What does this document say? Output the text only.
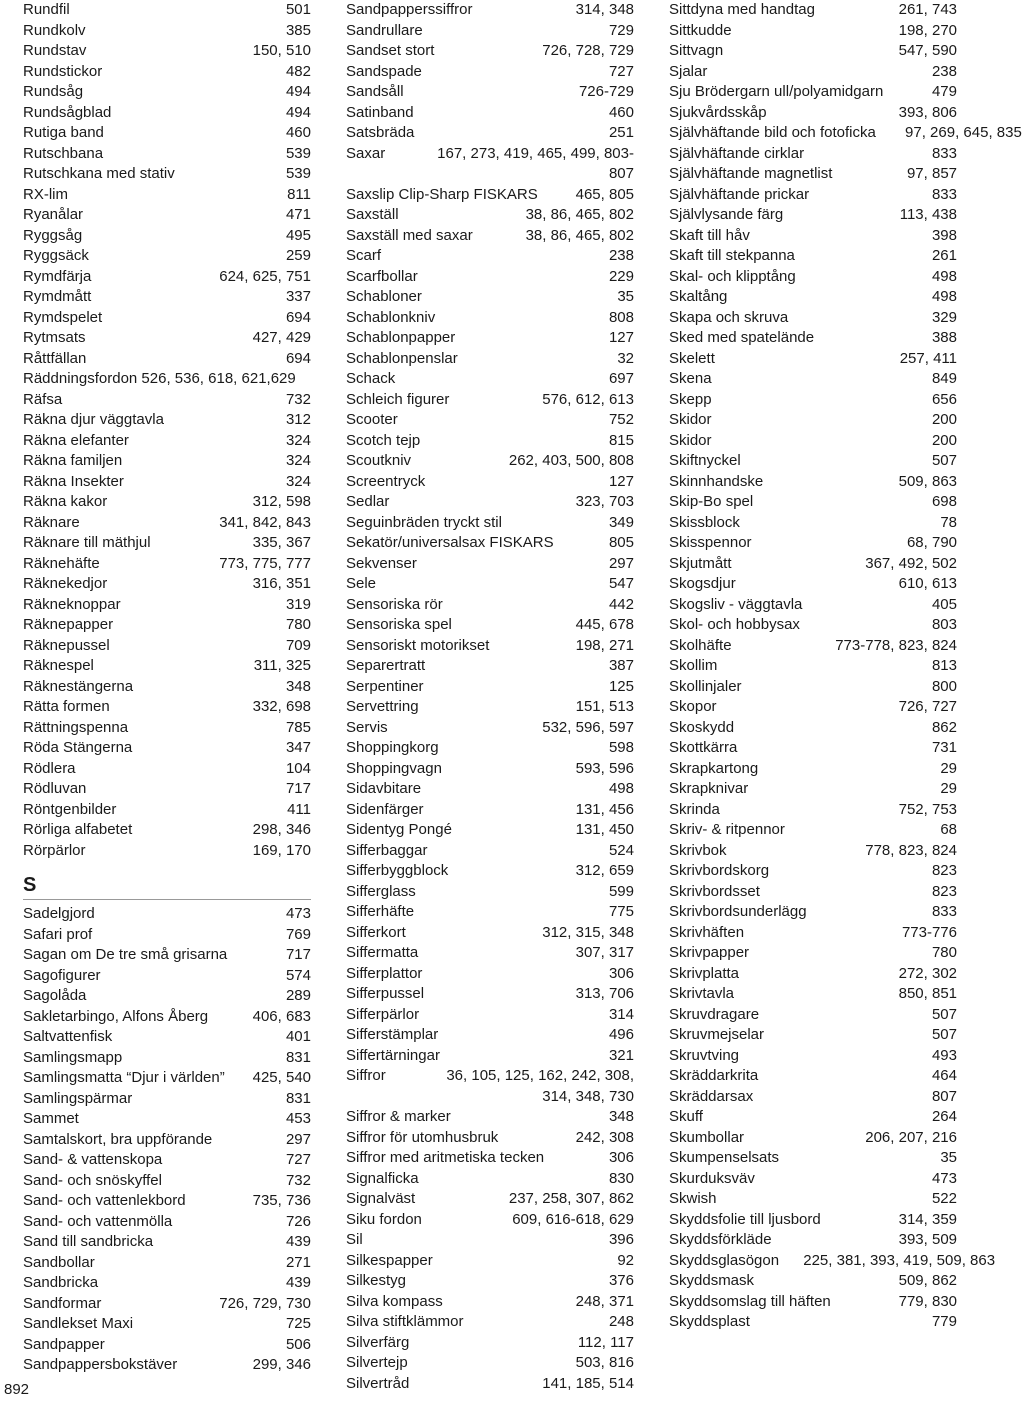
Rundfil	501
Rundkolv	385
Rundstav	150, 510
Rundstickor	482
Rundsåg	494
Rundsågblad	494
Rutiga band	460
Rutschbana	539
Rutschkana med stativ	539
RX-lim	811
Ryanålar	471
Ryggsåg	495
Ryggsäck	259
Rymdfärja	624, 625, 751
Rymdmått	337
Rymdspelet	694
Rytmsats	427, 429
Råttfällan	694
Räddningsfordon 526, 536, 618, 621,629
Räfsa	732
Räkna djur väggtavla	312
Räkna elefanter	324
Räkna familjen	324
Räkna Insekter	324
Räkna kakor	312, 598
Räknare	341, 842, 843
Räknare till mäthjul	335, 367
Räknehäfte	773, 775, 777
Räknekedjor	316, 351
Räkneknoppar	319
Räknepapper	780
Räknepussel	709
Räknespel	311, 325
Räknestängerna	348
Rätta formen	332, 698
Rättningspenna	785
Röda Stängerna	347
Rödlera	104
Rödluvan	717
Röntgenbilder	411
Rörliga alfabetet	298, 346
Rörpärlor	169, 170
S
Sadelgjord	473
Safari prof	769
Sagan om De tre små grisarna	717
Sagofigurer	574
Sagolåda	289
Sakletarbingo, Alfons Åberg	406, 683
Saltvattenfisk	401
Samlingsmapp	831
Samlingsmatta “Djur i världen”	425, 540
Samlingspärmar	831
Sammet	453
Samtalskort, bra uppförande	297
Sand- & vattenskopa	727
Sand- och snöskyffel	732
Sand- och vattenlekbord	735, 736
Sand- och vattenmölla	726
Sand till sandbricka	439
Sandbollar	271
Sandbricka	439
Sandformar	726, 729, 730
Sandlekset Maxi	725
Sandpapper	506
Sandpappersbokstäver	299, 346
Sandpapperssiffror	314, 348
Sandrullare	729
Sandset stort	726, 728, 729
Sandspade	727
Sandsåll	726-729
Satinband	460
Satsbräda	251
Saxar	167, 273, 419, 465, 499, 803-807
Saxslip Clip-Sharp FISKARS	465, 805
Saxställ	38, 86, 465, 802
Saxställ med saxar	38, 86, 465, 802
Scarf	238
Scarfbollar	229
Schabloner	35
Schablonkniv	808
Schablonpapper	127
Schablonpenslar	32
Schack	697
Schleich figurer	576, 612, 613
Scooter	752
Scotch tejp	815
Scoutkniv	262, 403, 500, 808
Screentryck	127
Sedlar	323, 703
Seguinbräden tryckt stil	349
Sekatör/universalsax FISKARS	805
Sekvenser	297
Sele	547
Sensoriska rör	442
Sensoriska spel	445, 678
Sensoriskt motorikset	198, 271
Separertratt	387
Serpentiner	125
Servettring	151, 513
Servis	532, 596, 597
Shoppingkorg	598
Shoppingvagn	593, 596
Sidavbitare	498
Sidenfärger	131, 456
Sidentyg Pongé	131, 450
Sifferbaggar	524
Sifferbyggblock	312, 659
Sifferglass	599
Sifferhäfte	775
Sifferkort	312, 315, 348
Siffermatta	307, 317
Sifferplattor	306
Sifferpussel	313, 706
Sifferpärlor	314
Sifferstämplar	496
Siffertärningar	321
Siffror	36, 105, 125, 162, 242, 308, 314, 348, 730
Siffror & marker	348
Siffror för utomhusbruk	242, 308
Siffror med aritmetiska tecken	306
Signalficka	830
Signalväst	237, 258, 307, 862
Siku fordon	609, 616-618, 629
Sil	396
Silkespapper	92
Silkestyg	376
Silva kompass	248, 371
Silva stiftklämmor	248
Silverfärg	112, 117
Silvertejp	503, 816
Silvertråd	141, 185, 514
Sittdyna med handtag	261, 743
Sittkudde	198, 270
Sittvagn	547, 590
Sjalar	238
Sju Brödergarn ull/polyamidgarn	479
Sjukvårdsskåp	393, 806
Självhäftande bild och fotoficka	97, 269, 645, 835
Självhäftande cirklar	833
Självhäftande magnetlist	97, 857
Självhäftande prickar	833
Självlysande färg	113, 438
Skaft till håv	398
Skaft till stekpanna	261
Skal- och klipptång	498
Skaltång	498
Skapa och skruva	329
Sked med spatelände	388
Skelett	257, 411
Skena	849
Skepp	656
Skidor	200
Skidor	200
Skiftnyckel	507
Skinnhandske	509, 863
Skip-Bo spel	698
Skissblock	78
Skisspennor	68, 790
Skjutmått	367, 492, 502
Skogsdjur	610, 613
Skogsliv - väggtavla	405
Skol- och hobbysax	803
Skolhäfte	773-778, 823, 824
Skollim	813
Skollinjaler	800
Skopor	726, 727
Skoskydd	862
Skottkärra	731
Skrapkartong	29
Skrapknivar	29
Skrinda	752, 753
Skriv- & ritpennor	68
Skrivbok	778, 823, 824
Skrivbordskorg	823
Skrivbordsset	823
Skrivbordsunderlägg	833
Skrivhäften	773-776
Skrivpapper	780
Skrivplatta	272, 302
Skrivtavla	850, 851
Skruvdragare	507
Skruvmejselar	507
Skruvtving	493
Skräddarkrita	464
Skräddarsax	807
Skuff	264
Skumbollar	206, 207, 216
Skumpenselsats	35
Skurduksväv	473
Skwish	522
Skyddsfolie till ljusbord	314, 359
Skyddsförkläde	393, 509
Skyddsglasögon	225, 381, 393, 419, 509, 863
Skyddsmask	509, 862
Skyddsomslag till häften	779, 830
Skyddsplast	779
892
